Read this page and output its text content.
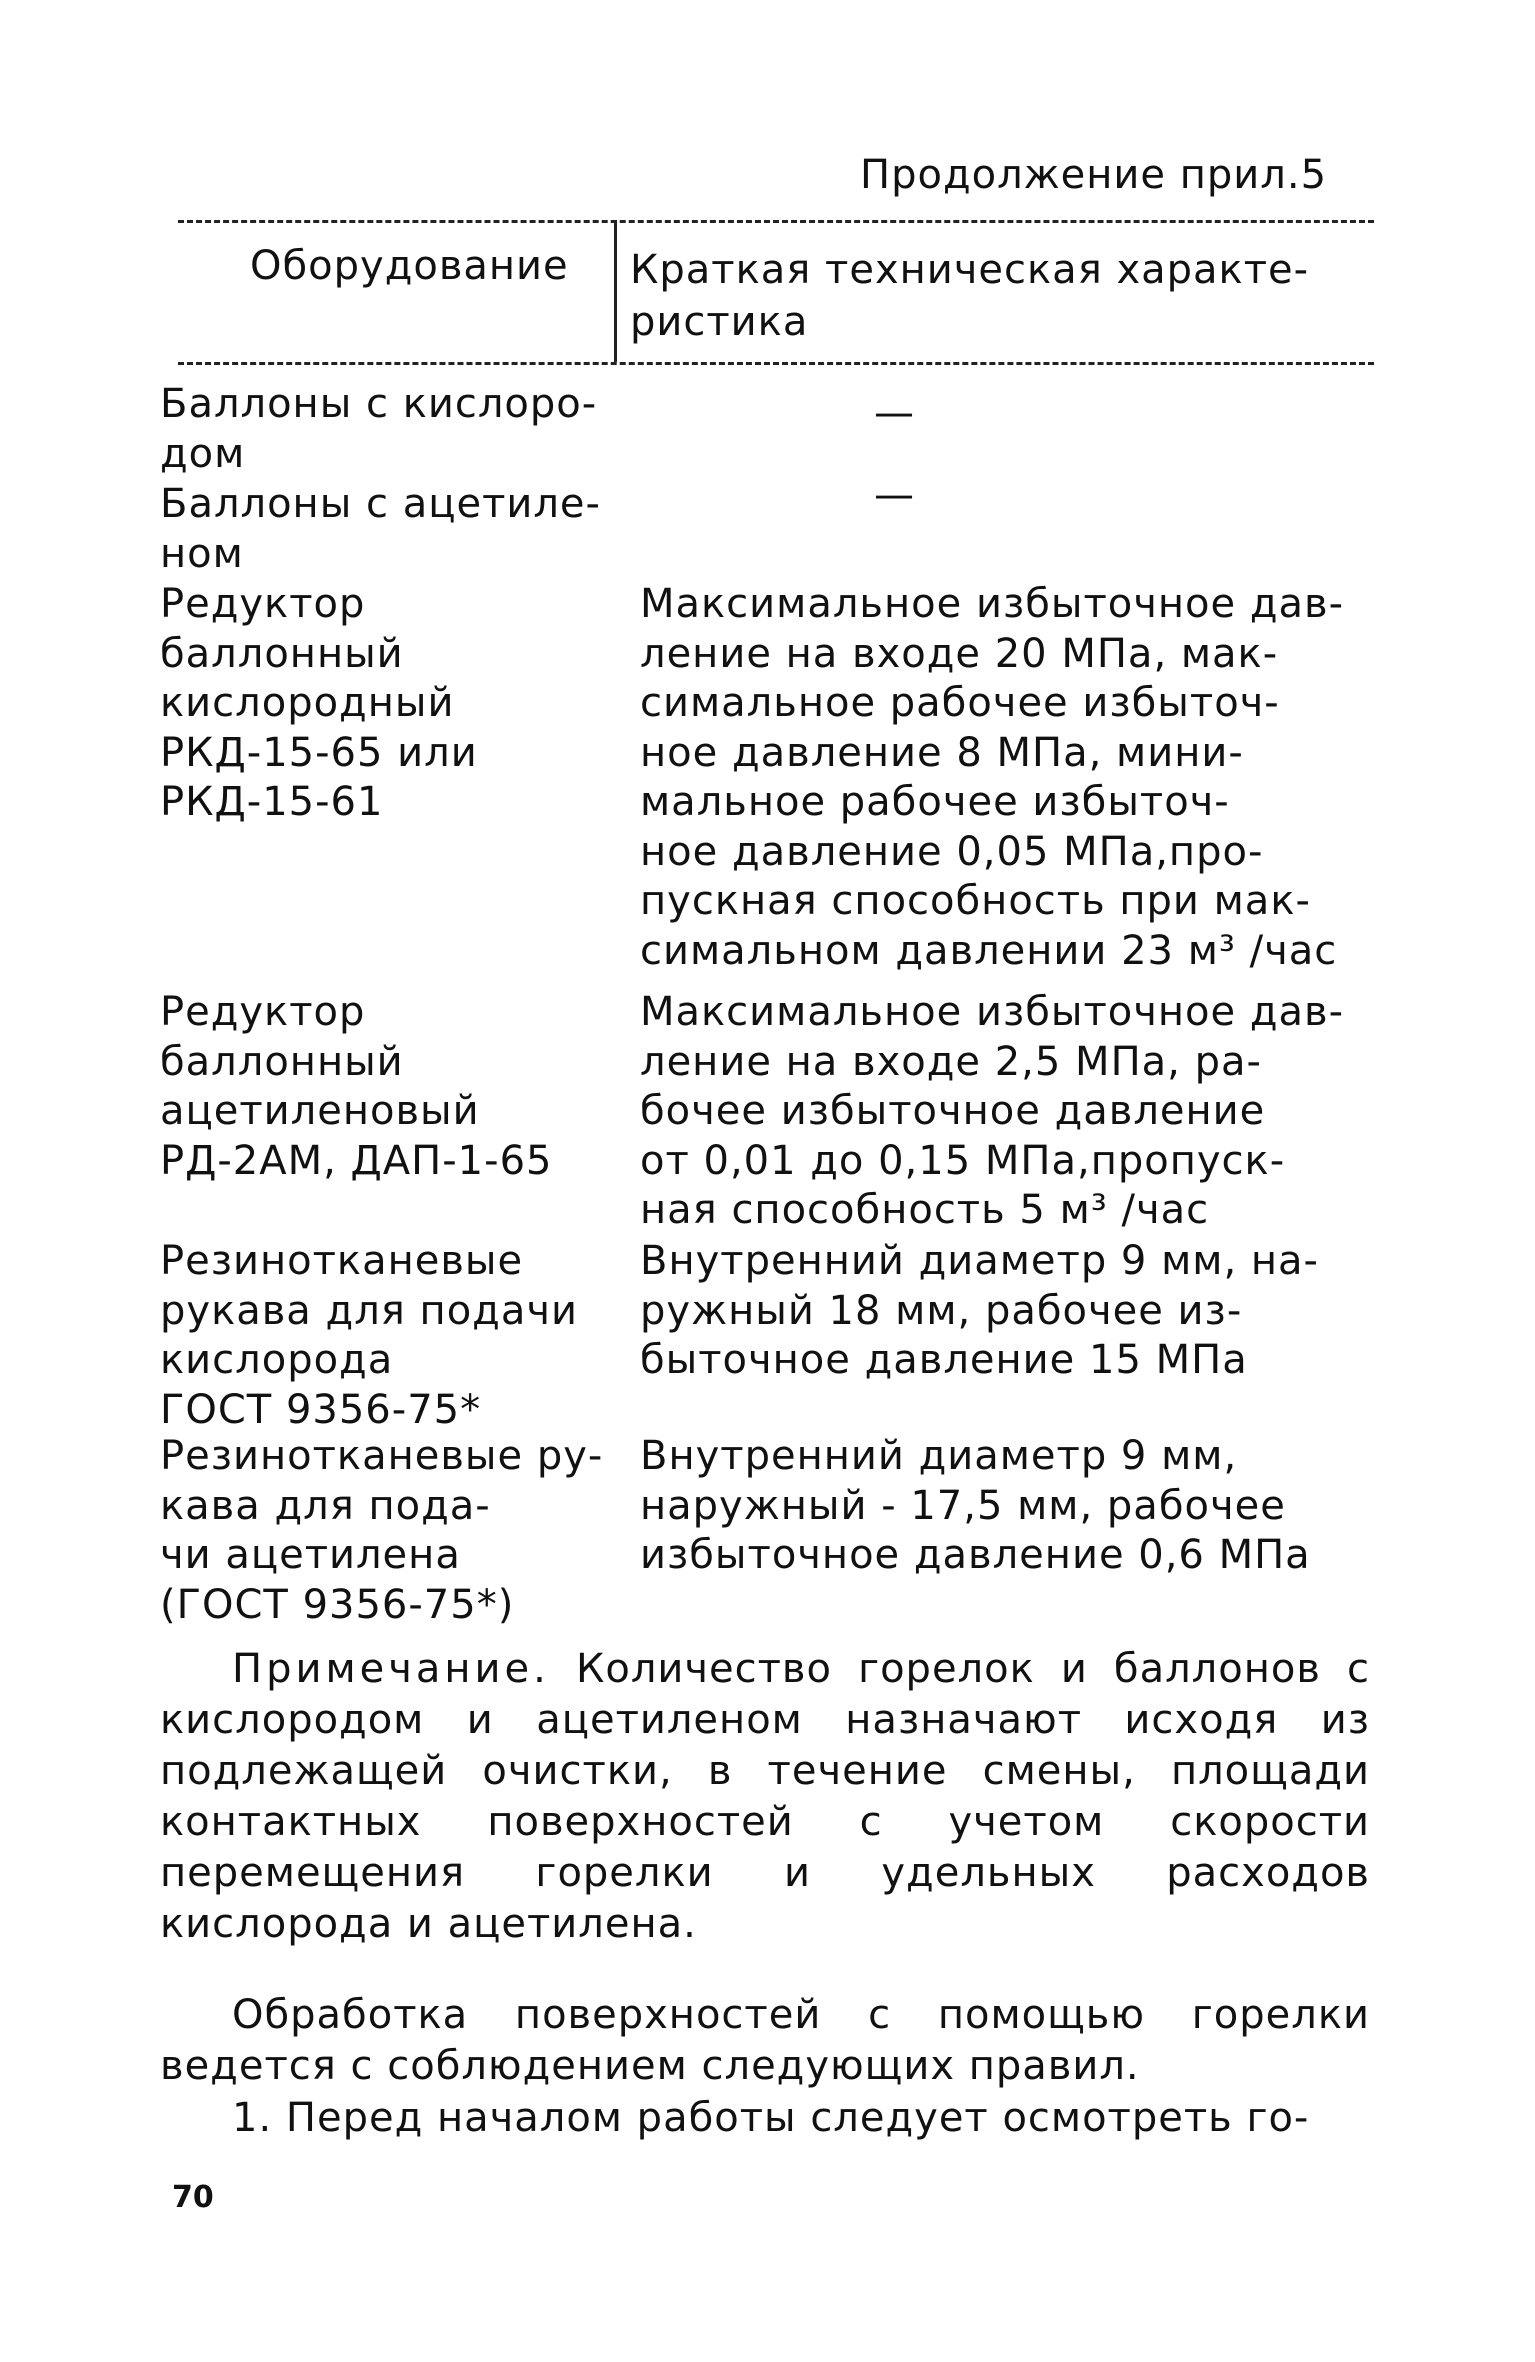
Продолжение прил.5
Оборудование Краткая техническая характе-
ристика
Баллоны с кислоро-
дом
—
Баллоны с ацетиле-
ном
—
Редуктор баллонный
кислородный
РКД-15-65 или
РКД-15-61
Максимальное избыточное дав-
ление на входе 20 МПа, мак-
симальное рабочее избыточ-
ное давление 8 МПа, мини-
мальное рабочее избыточ-
ное давление 0,05 МПа,про-
пускная способность при мак-
симальном давлении 23 м³ /час
Редуктор баллонный
ацетиленовый
РД-2АМ, ДАП-1-65
Максимальное избыточное дав-
ление на входе 2,5 МПа, ра-
бочее избыточное давление
от 0,01 до 0,15 МПа,пропуск-
ная способность 5 м³ /час
Резинотканевые
рукава для подачи
кислорода
ГОСТ 9356-75*
Внутренний диаметр 9 мм, на-
ружный 18 мм, рабочее из-
быточное давление 15 МПа
Резинотканевые ру-
кава для пода-
чи ацетилена
(ГОСТ 9356-75*)
Внутренний диаметр 9 мм,
наружный - 17,5 мм, рабочее
избыточное давление 0,6 МПа
Примечание. Количество горелок и баллонов с кислородом и ацетиленом назначают исходя из подлежащей очистки, в течение смены, площади контактных поверхностей с учетом скорости перемещения горелки и удельных расходов кислорода и ацетилена.
Обработка поверхностей с помощью горелки ведется с соблюдением следующих правил.
1. Перед началом работы следует осмотреть го-
70
